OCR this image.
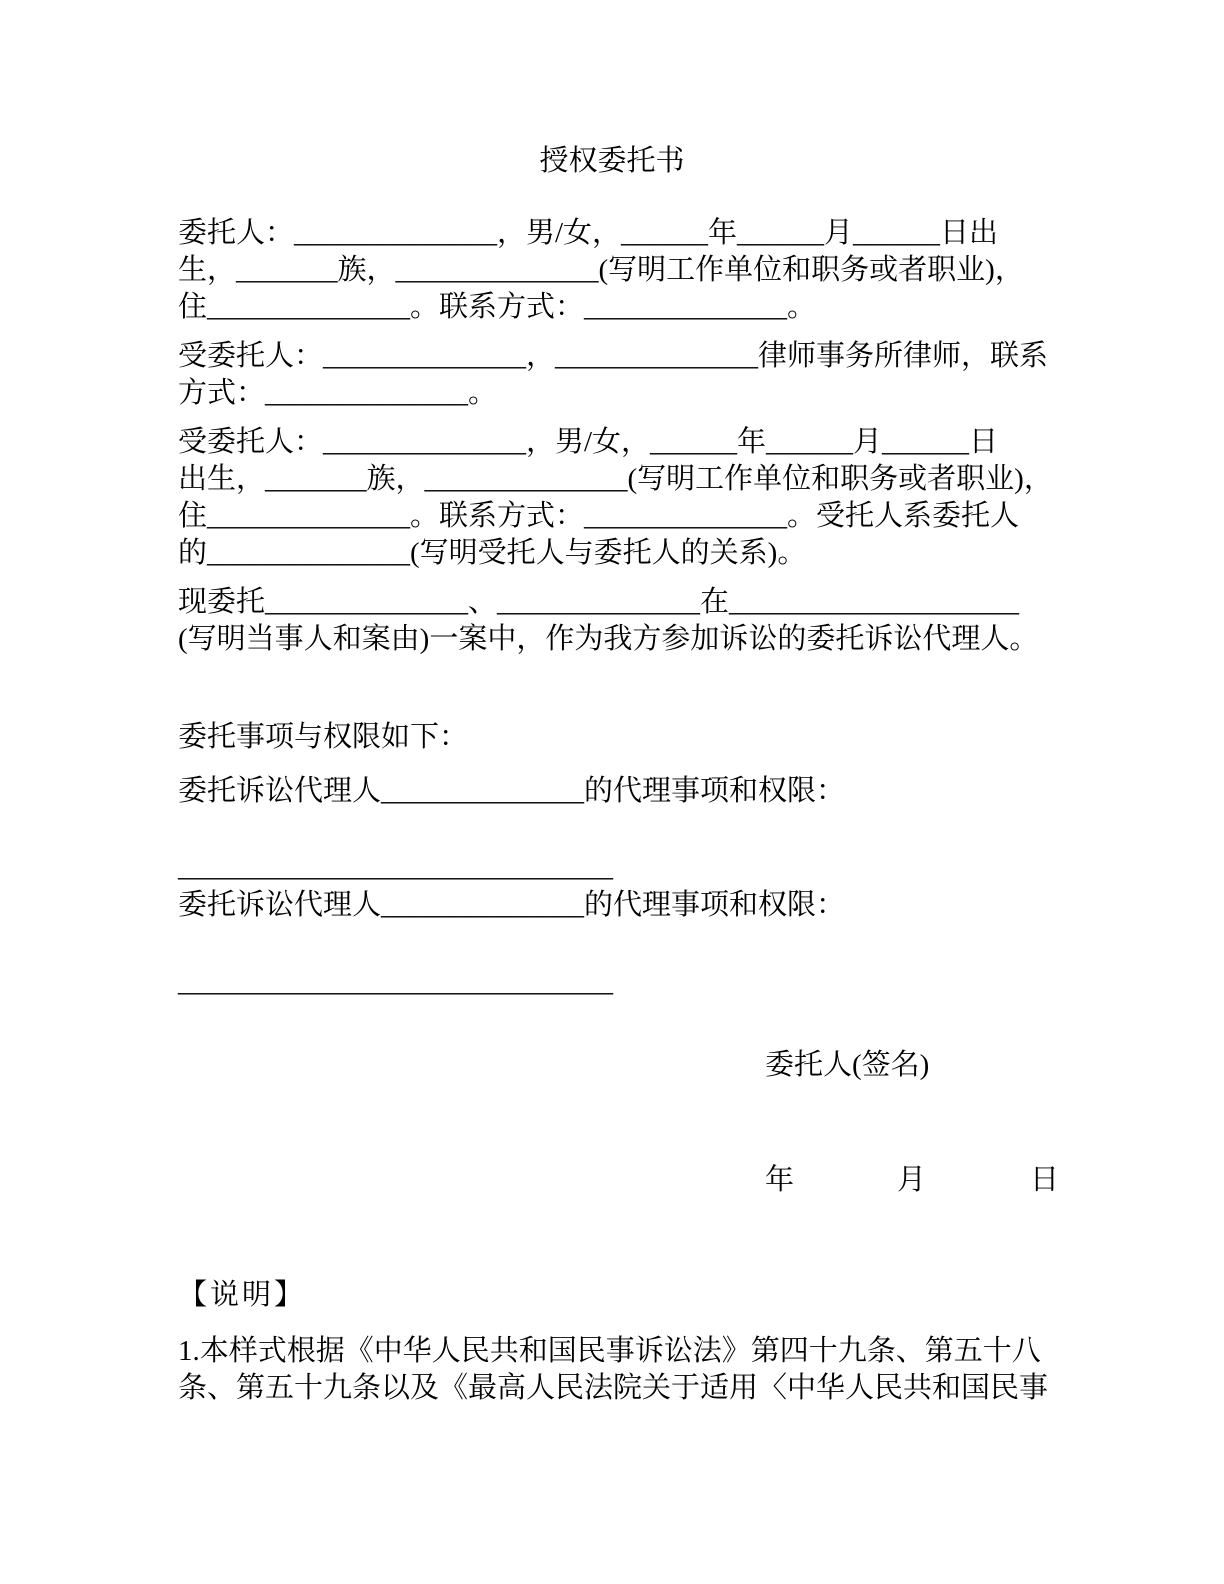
授权委托书
委托人：______________，男/女，______年______月______日出
生，_______族，______________(写明工作单位和职务或者职业)，
住______________。联系方式：______________。
受委托人：______________，______________律师事务所律师，联系
方式：______________。
受委托人：______________，男/女，______年______月______日
出生，_______族，______________(写明工作单位和职务或者职业)，
住______________。联系方式：______________。受托人系委托人
的______________(写明受托人与委托人的关系)。
现委托______________、______________在____________________
(写明当事人和案由)一案中，作为我方参加诉讼的委托诉讼代理人。
委托事项与权限如下：
委托诉讼代理人______________的代理事项和权限：
______________________________
委托诉讼代理人______________的代理事项和权限：
______________________________
委托人(签名)
年	月	日
【说明】
1.本样式根据《中华人民共和国民事诉讼法》第四十九条、第五十八
条、第五十九条以及《最高人民法院关于适用〈中华人民共和国民事
